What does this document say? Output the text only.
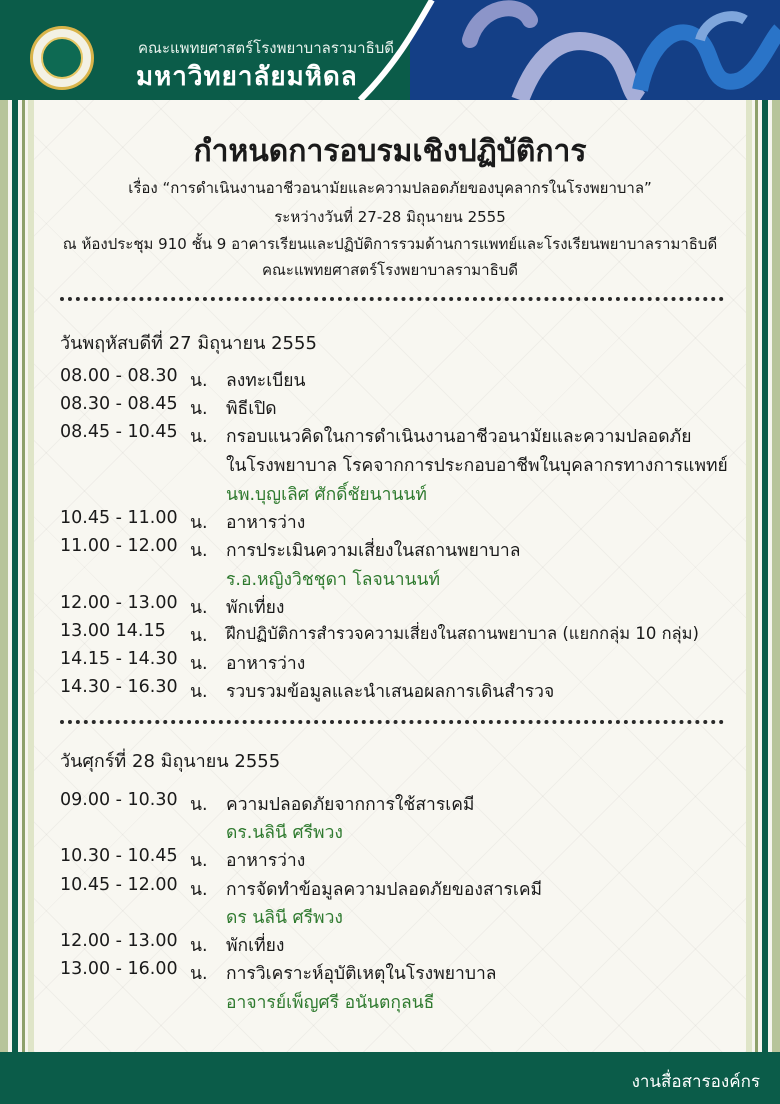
คณะแพทยศาสตร์โรงพยาบาลรามาธิบดี
มหาวิทยาลัยมหิดล
กำหนดการอบรมเชิงปฏิบัติการ
เรื่อง “การดำเนินงานอาชีวอนามัยและความปลอดภัยของบุคลากรในโรงพยาบาล”
ระหว่างวันที่ 27-28 มิถุนายน 2555
ณ ห้องประชุม 910 ชั้น 9 อาคารเรียนและปฏิบัติการรวมด้านการแพทย์และโรงเรียนพยาบาลรามาธิบดี
คณะแพทยศาสตร์โรงพยาบาลรามาธิบดี
วันพฤหัสบดีที่ 27 มิถุนายน 2555
08.00 - 08.30 น. ลงทะเบียน
08.30 - 08.45 น. พิธีเปิด
08.45 - 10.45 น. กรอบแนวคิดในการดำเนินงานอาชีวอนามัยและความปลอดภัย
ในโรงพยาบาล โรคจากการประกอบอาชีพในบุคลากรทางการแพทย์
นพ.บุญเลิศ ศักดิ์ชัยนานนท์
10.45 - 11.00 น. อาหารว่าง
11.00 - 12.00 น. การประเมินความเสี่ยงในสถานพยาบาล
ร.อ.หญิงวิชชุดา โลจนานนท์
12.00 - 13.00 น. พักเที่ยง
13.00 14.15 น. ฝึกปฏิบัติการสำรวจความเสี่ยงในสถานพยาบาล (แยกกลุ่ม 10 กลุ่ม)
14.15 - 14.30 น. อาหารว่าง
14.30 - 16.30 น. รวบรวมข้อมูลและนำเสนอผลการเดินสำรวจ
วันศุกร์ที่ 28 มิถุนายน 2555
09.00 - 10.30 น. ความปลอดภัยจากการใช้สารเคมี
ดร.นลินี ศรีพวง
10.30 - 10.45 น. อาหารว่าง
10.45 - 12.00 น. การจัดทำข้อมูลความปลอดภัยของสารเคมี
ดร นลินี ศรีพวง
12.00 - 13.00 น. พักเที่ยง
13.00 - 16.00 น. การวิเคราะห์อุบัติเหตุในโรงพยาบาล
อาจารย์เพ็ญศรี อนันตกุลนธี
งานสื่อสารองค์กร
